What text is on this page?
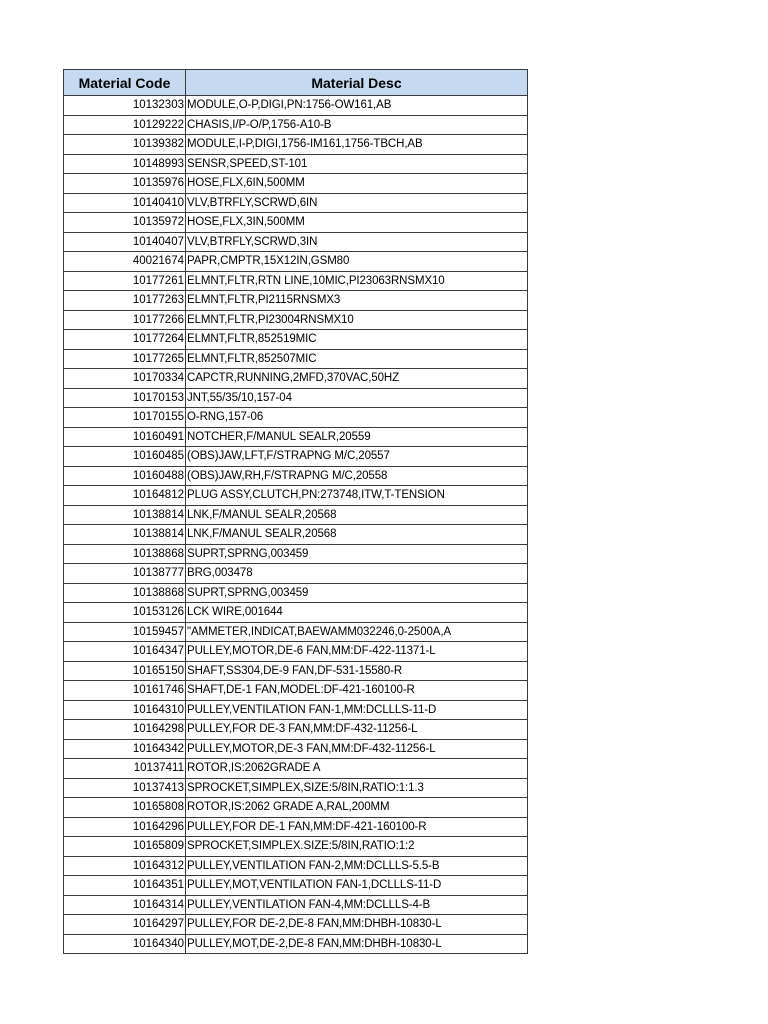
Material Code	Material Desc
10132303	MODULE,O-P,DIGI,PN:1756-OW161,AB
10129222	CHASIS,I/P-O/P,1756-A10-B
10139382	MODULE,I-P,DIGI,1756-IM161,1756-TBCH,AB
10148993	SENSR,SPEED,ST-101
10135976	HOSE,FLX,6IN,500MM
10140410	VLV,BTRFLY,SCRWD,6IN
10135972	HOSE,FLX,3IN,500MM
10140407	VLV,BTRFLY,SCRWD,3IN
40021674	PAPR,CMPTR,15X12IN,GSM80
10177261	ELMNT,FLTR,RTN LINE,10MIC,PI23063RNSMX10
10177263	ELMNT,FLTR,PI2115RNSMX3
10177266	ELMNT,FLTR,PI23004RNSMX10
10177264	ELMNT,FLTR,852519MIC
10177265	ELMNT,FLTR,852507MIC
10170334	CAPCTR,RUNNING,2MFD,370VAC,50HZ
10170153	JNT,55/35/10,157-04
10170155	O-RNG,157-06
10160491	NOTCHER,F/MANUL SEALR,20559
10160485	(OBS)JAW,LFT,F/STRAPNG M/C,20557
10160488	(OBS)JAW,RH,F/STRAPNG M/C,20558
10164812	PLUG ASSY,CLUTCH,PN:273748,ITW,T-TENSION
10138814	LNK,F/MANUL SEALR,20568
10138814	LNK,F/MANUL SEALR,20568
10138868	SUPRT,SPRNG,003459
10138777	BRG,003478
10138868	SUPRT,SPRNG,003459
10153126	LCK WIRE,001644
10159457	"AMMETER,INDICAT,BAEWAMM032246,0-2500A,A
10164347	PULLEY,MOTOR,DE-6 FAN,MM:DF-422-11371-L
10165150	SHAFT,SS304,DE-9 FAN,DF-531-15580-R
10161746	SHAFT,DE-1 FAN,MODEL:DF-421-160100-R
10164310	PULLEY,VENTILATION FAN-1,MM:DCLLLS-11-D
10164298	PULLEY,FOR DE-3 FAN,MM:DF-432-11256-L
10164342	PULLEY,MOTOR,DE-3 FAN,MM:DF-432-11256-L
10137411	ROTOR,IS:2062GRADE A
10137413	SPROCKET,SIMPLEX,SIZE:5/8IN,RATIO:1:1.3
10165808	ROTOR,IS:2062 GRADE A,RAL,200MM
10164296	PULLEY,FOR DE-1 FAN,MM:DF-421-160100-R
10165809	SPROCKET,SIMPLEX.SIZE:5/8IN,RATIO:1:2
10164312	PULLEY,VENTILATION FAN-2,MM:DCLLLS-5.5-B
10164351	PULLEY,MOT,VENTILATION FAN-1,DCLLLS-11-D
10164314	PULLEY,VENTILATION FAN-4,MM:DCLLLS-4-B
10164297	PULLEY,FOR DE-2,DE-8 FAN,MM:DHBH-10830-L
10164340	PULLEY,MOT,DE-2,DE-8 FAN,MM:DHBH-10830-L
